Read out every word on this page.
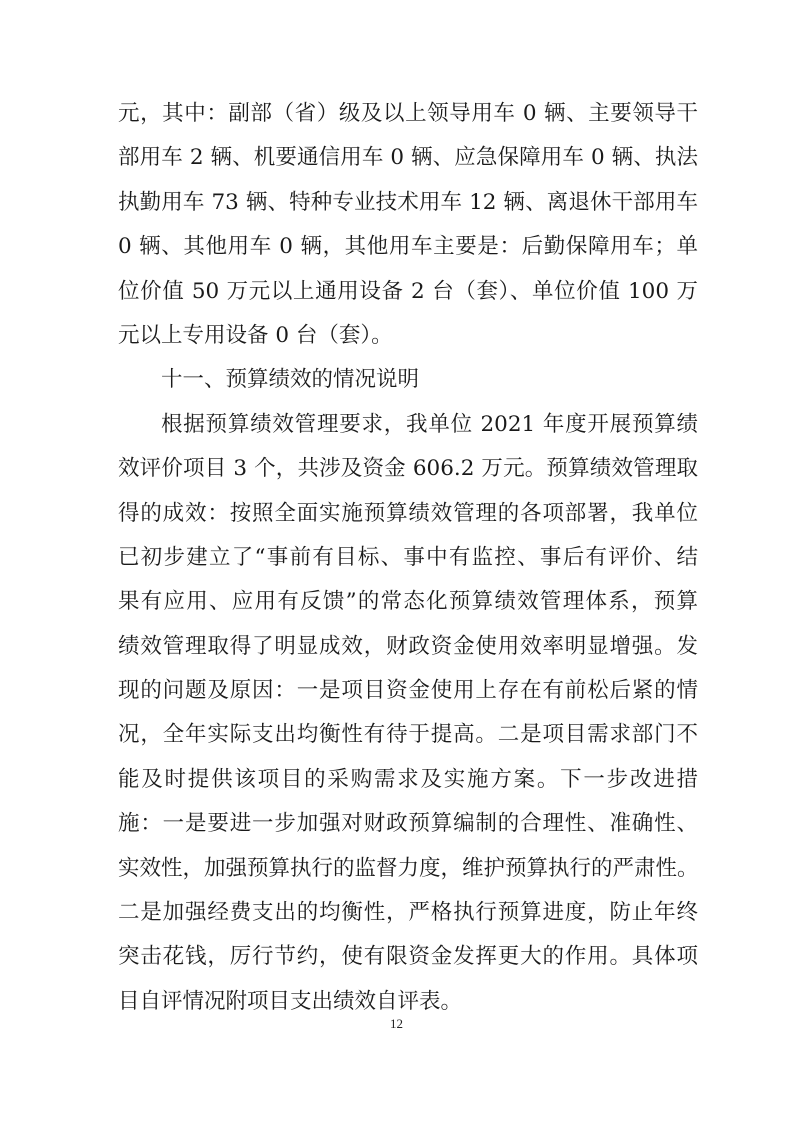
元，其中：副部（省）级及以上领导用车 0 辆、主要领导干
部用车 2 辆、机要通信用车 0 辆、应急保障用车 0 辆、执法
执勤用车 73 辆、特种专业技术用车 12 辆、离退休干部用车
0 辆、其他用车 0 辆，其他用车主要是：后勤保障用车；单
位价值 50 万元以上通用设备 2 台（套）、单位价值 100 万
元以上专用设备 0 台（套）。
十一、预算绩效的情况说明
根据预算绩效管理要求，我单位 2021 年度开展预算绩
效评价项目 3 个，共涉及资金 606.2 万元。预算绩效管理取
得的成效：按照全面实施预算绩效管理的各项部署，我单位
已初步建立了“事前有目标、事中有监控、事后有评价、结
果有应用、应用有反馈”的常态化预算绩效管理体系，预算
绩效管理取得了明显成效，财政资金使用效率明显增强。发
现的问题及原因：一是项目资金使用上存在有前松后紧的情
况，全年实际支出均衡性有待于提高。二是项目需求部门不
能及时提供该项目的采购需求及实施方案。下一步改进措
施：一是要进一步加强对财政预算编制的合理性、准确性、
实效性，加强预算执行的监督力度，维护预算执行的严肃性。
二是加强经费支出的均衡性，严格执行预算进度，防止年终
突击花钱，厉行节约，使有限资金发挥更大的作用。具体项
目自评情况附项目支出绩效自评表。
12
